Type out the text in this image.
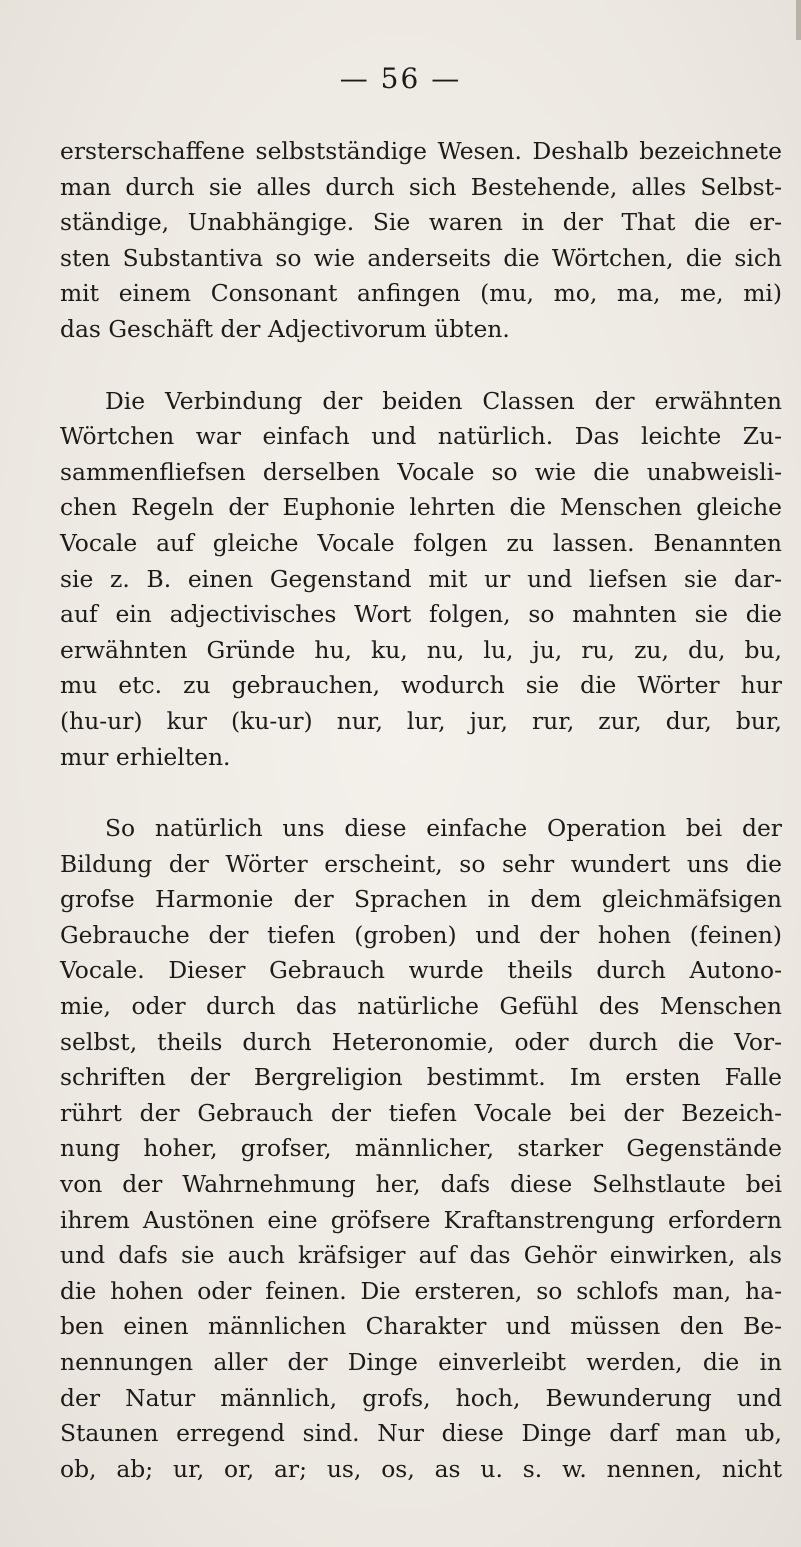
— 56 —

ersterschaffene selbstständige Wesen. Deshalb bezeichnete
man durch sie alles durch sich Bestehende, alles Selbst-
ständige, Unabhängige. Sie waren in der That die er-
sten Substantiva so wie anderseits die Wörtchen, die sich
mit einem Consonant anfingen (mu, mo, ma, me, mi)
das Geschäft der Adjectivorum übten.

Die Verbindung der beiden Classen der erwähnten
Wörtchen war einfach und natürlich. Das leichte Zu-
sammenfliefsen derselben Vocale so wie die unabweisli-
chen Regeln der Euphonie lehrten die Menschen gleiche
Vocale auf gleiche Vocale folgen zu lassen. Benannten
sie z. B. einen Gegenstand mit ur und liefsen sie dar-
auf ein adjectivisches Wort folgen, so mahnten sie die
erwähnten Gründe hu, ku, nu, lu, ju, ru, zu, du, bu,
mu etc. zu gebrauchen, wodurch sie die Wörter hur
(hu-ur) kur (ku-ur) nur, lur, jur, rur, zur, dur, bur,
mur erhielten.

So natürlich uns diese einfache Operation bei der
Bildung der Wörter erscheint, so sehr wundert uns die
grofse Harmonie der Sprachen in dem gleichmäfsigen
Gebrauche der tiefen (groben) und der hohen (feinen)
Vocale. Dieser Gebrauch wurde theils durch Autono-
mie, oder durch das natürliche Gefühl des Menschen
selbst, theils durch Heteronomie, oder durch die Vor-
schriften der Bergreligion bestimmt. Im ersten Falle
rührt der Gebrauch der tiefen Vocale bei der Bezeich-
nung hoher, grofser, männlicher, starker Gegenstände
von der Wahrnehmung her, dafs diese Selhstlaute bei
ihrem Austönen eine gröfsere Kraftanstrengung erfordern
und dafs sie auch kräfsiger auf das Gehör einwirken, als
die hohen oder feinen. Die ersteren, so schlofs man, ha-
ben einen männlichen Charakter und müssen den Be-
nennungen aller der Dinge einverleibt werden, die in
der Natur männlich, grofs, hoch, Bewunderung und
Staunen erregend sind. Nur diese Dinge darf man ub,
ob, ab; ur, or, ar; us, os, as u. s. w. nennen, nicht
